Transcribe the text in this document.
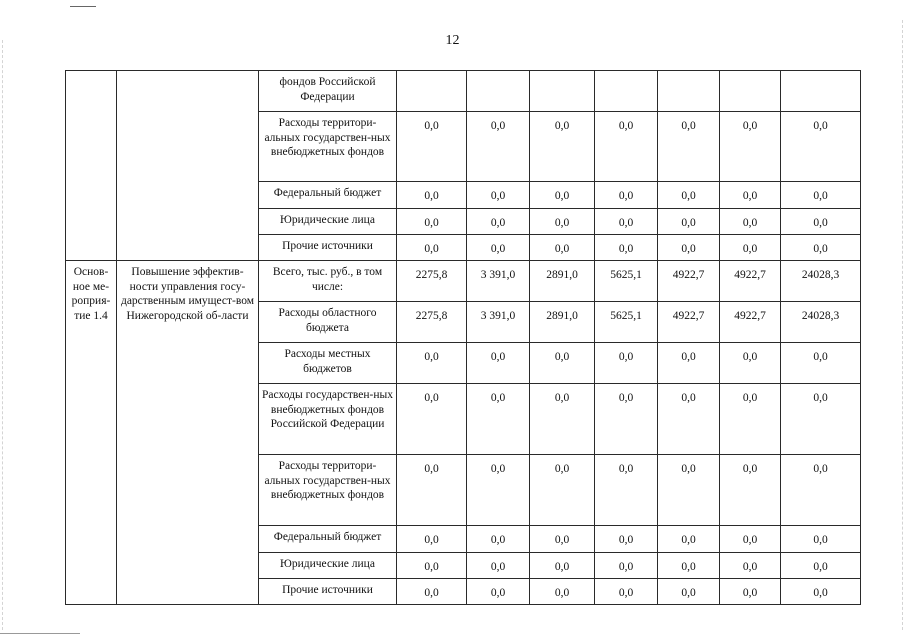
12
		фондов Российской Федерации							
		Расходы территори-альных государствен-ных внебюджетных фондов	0,0	0,0	0,0	0,0	0,0	0,0	0,0
		Федеральный бюджет	0,0	0,0	0,0	0,0	0,0	0,0	0,0
		Юридические лица	0,0	0,0	0,0	0,0	0,0	0,0	0,0
		Прочие источники	0,0	0,0	0,0	0,0	0,0	0,0	0,0
Основ-ное ме-роприя-тие 1.4	Повышение эффектив-ности управления госу-дарственным имущест-вом Нижегородской об-ласти	Всего, тыс. руб., в том числе:	2275,8	3 391,0	2891,0	5625,1	4922,7	4922,7	24028,3
		Расходы областного бюджета	2275,8	3 391,0	2891,0	5625,1	4922,7	4922,7	24028,3
		Расходы местных бюджетов	0,0	0,0	0,0	0,0	0,0	0,0	0,0
		Расходы государствен-ных внебюджетных фондов Российской Федерации	0,0	0,0	0,0	0,0	0,0	0,0	0,0
		Расходы территори-альных государствен-ных внебюджетных фондов	0,0	0,0	0,0	0,0	0,0	0,0	0,0
		Федеральный бюджет	0,0	0,0	0,0	0,0	0,0	0,0	0,0
		Юридические лица	0,0	0,0	0,0	0,0	0,0	0,0	0,0
		Прочие источники	0,0	0,0	0,0	0,0	0,0	0,0	0,0
